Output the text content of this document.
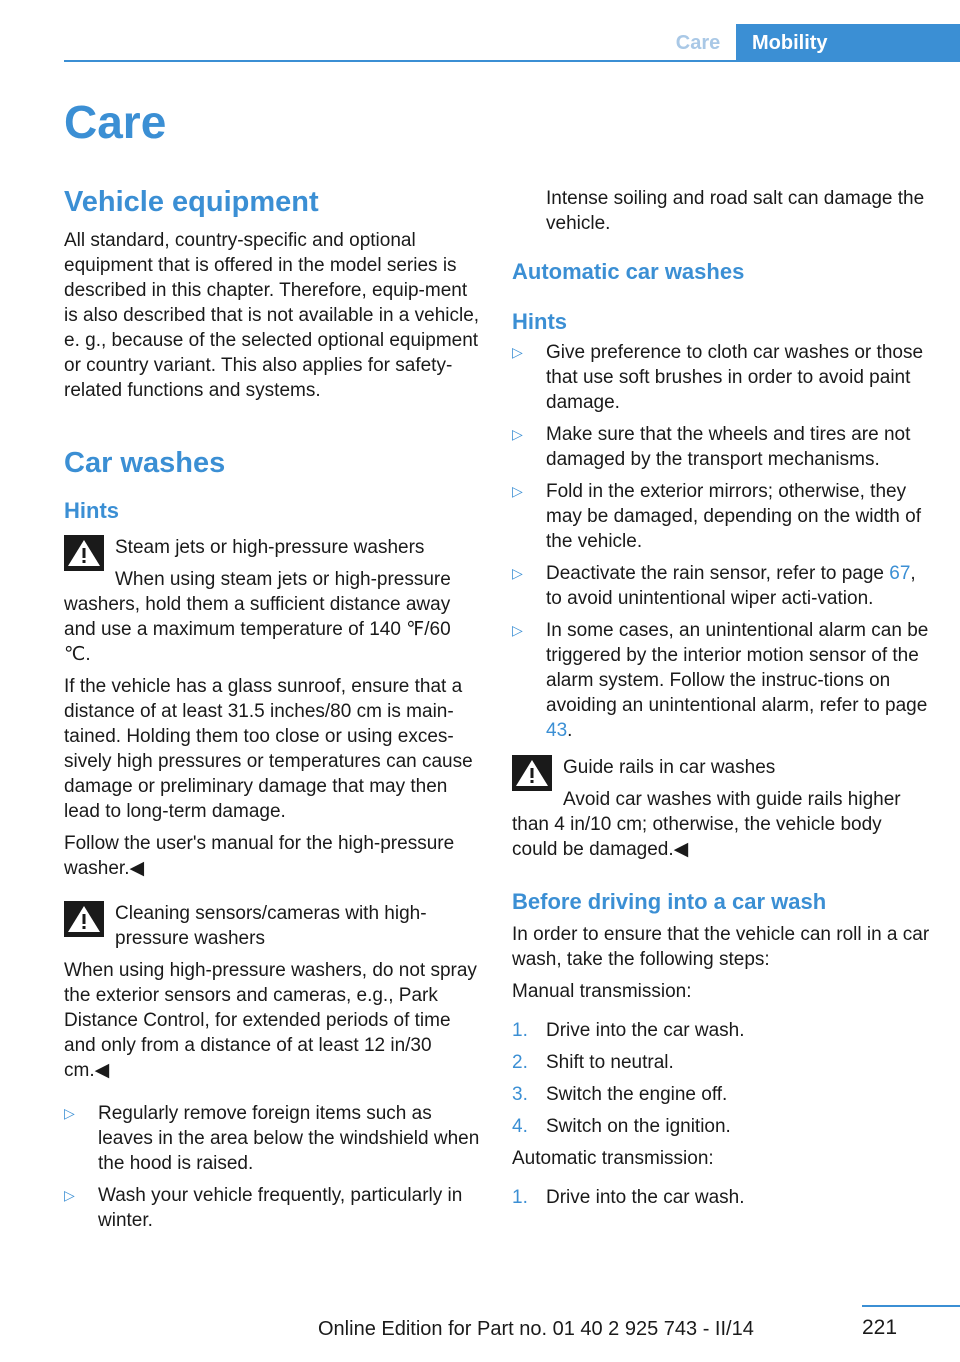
Care	Mobility
Care
Vehicle equipment

All standard, country-specific and optional equipment that is offered in the model series is described in this chapter. Therefore, equip-ment is also described that is not available in a vehicle, e. g., because of the selected optional equipment or country variant. This also applies for safety-related functions and systems.

Car washes
Hints

Steam jets or high-pressure washers

When using steam jets or high-pressure washers, hold them a sufficient distance away and use a maximum temperature of 140 ℉/60 ℃.

If the vehicle has a glass sunroof, ensure that a distance of at least 31.5 inches/80 cm is main-tained. Holding them too close or using exces-sively high pressures or temperatures can cause damage or preliminary damage that may then lead to long-term damage.

Follow the user's manual for the high-pressure washer.◀

Cleaning sensors/cameras with high-pressure washers

When using high-pressure washers, do not spray the exterior sensors and cameras, e.g., Park Distance Control, for extended periods of time and only from a distance of at least 12 in/30 cm.◀

▷ Regularly remove foreign items such as leaves in the area below the windshield when the hood is raised.
▷ Wash your vehicle frequently, particularly in winter.

Intense soiling and road salt can damage the vehicle.

Automatic car washes
Hints
▷ Give preference to cloth car washes or those that use soft brushes in order to avoid paint damage.
▷ Make sure that the wheels and tires are not damaged by the transport mechanisms.
▷ Fold in the exterior mirrors; otherwise, they may be damaged, depending on the width of the vehicle.
▷ Deactivate the rain sensor, refer to page 67, to avoid unintentional wiper acti-vation.
▷ In some cases, an unintentional alarm can be triggered by the interior motion sensor of the alarm system. Follow the instruc-tions on avoiding an unintentional alarm, refer to page 43.

Guide rails in car washes

Avoid car washes with guide rails higher than 4 in/10 cm; otherwise, the vehicle body could be damaged.◀

Before driving into a car wash

In order to ensure that the vehicle can roll in a car wash, take the following steps:

Manual transmission:

1. Drive into the car wash.
2. Shift to neutral.
3. Switch the engine off.
4. Switch on the ignition.

Automatic transmission:

1. Drive into the car wash.
221
Online Edition for Part no. 01 40 2 925 743 - II/14
